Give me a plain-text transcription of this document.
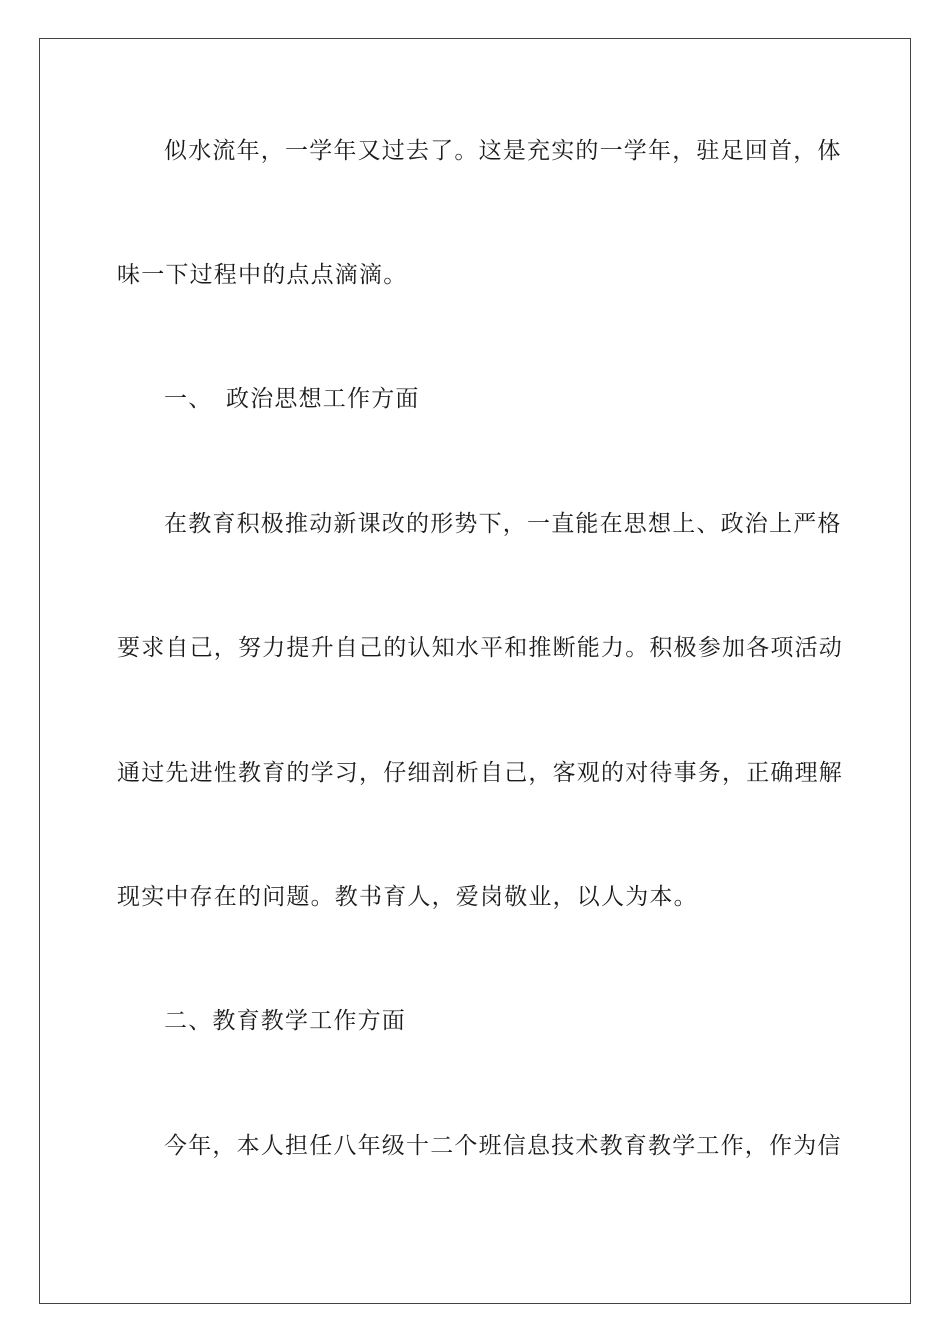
似水流年，一学年又过去了。这是充实的一学年，驻足回首，体
味一下过程中的点点滴滴。
一、 政治思想工作方面
在教育积极推动新课改的形势下，一直能在思想上、政治上严格
要求自己，努力提升自己的认知水平和推断能力。积极参加各项活动
通过先进性教育的学习，仔细剖析自己，客观的对待事务，正确理解
现实中存在的问题。教书育人，爱岗敬业，以人为本。
二、教育教学工作方面
今年，本人担任八年级十二个班信息技术教育教学工作，作为信
